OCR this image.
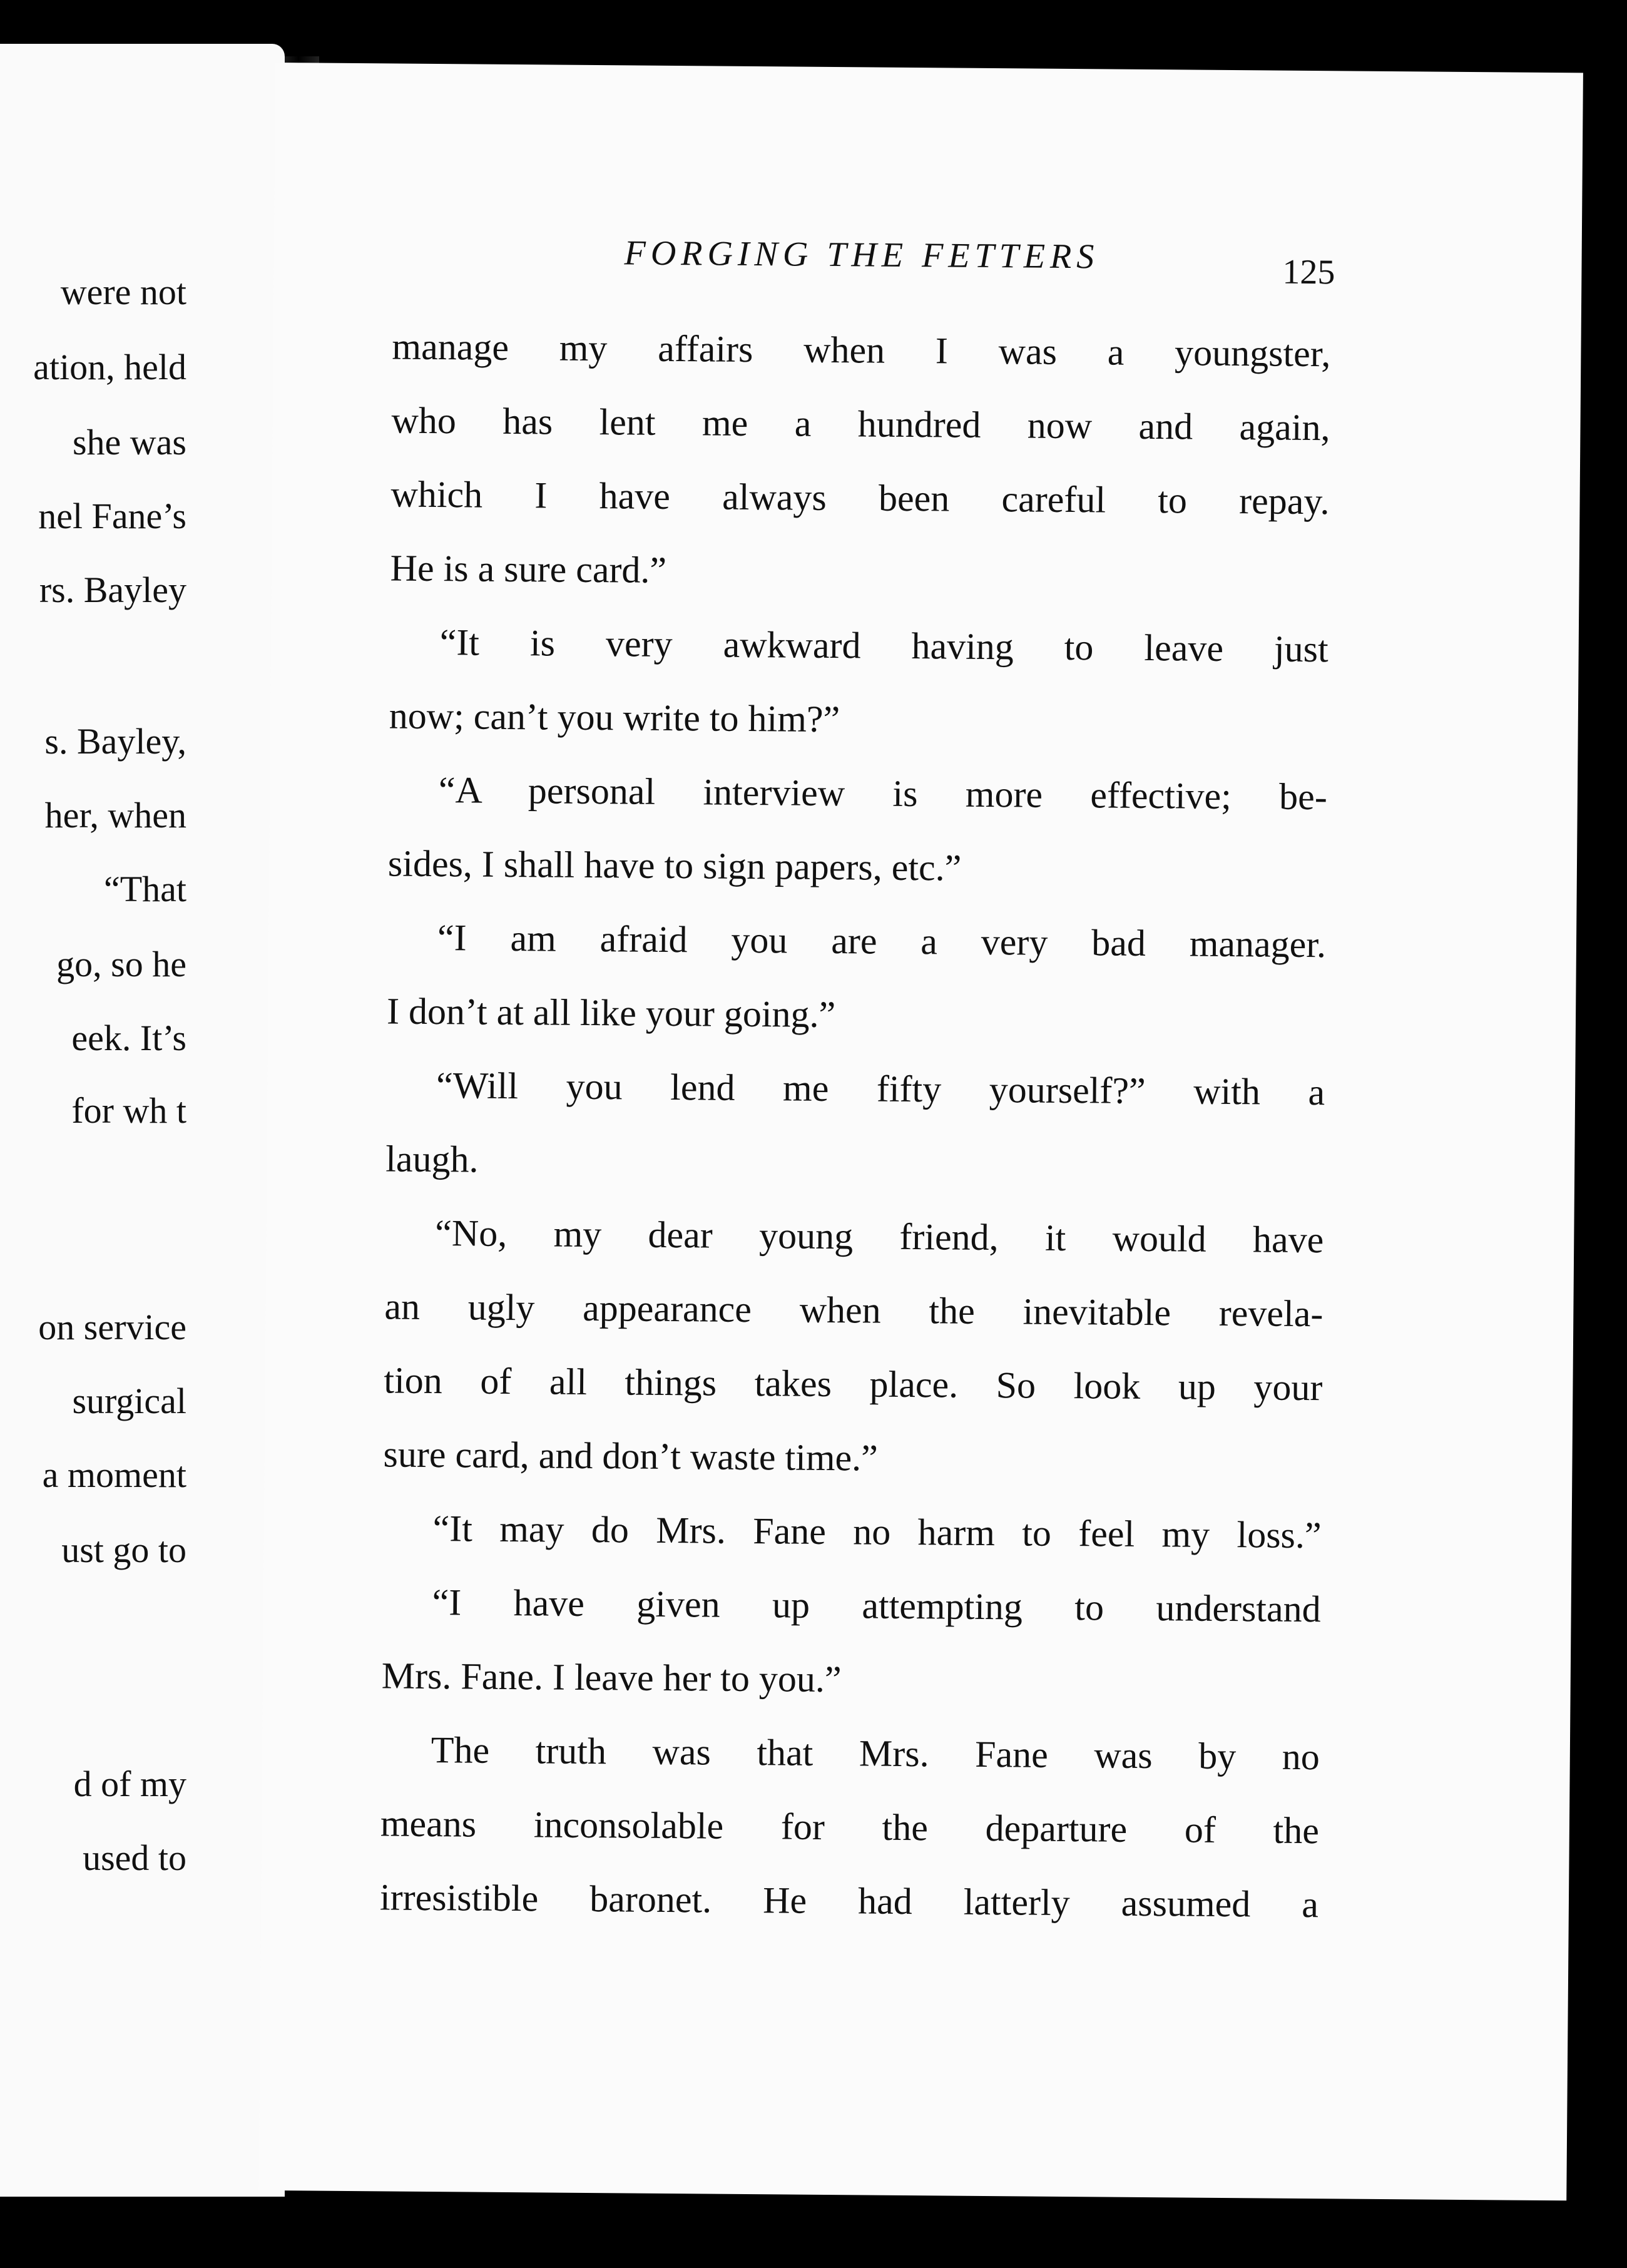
were not
ation, held
she was
nel Fane’s
rs. Bayley
s. Bayley,
her, when
“That
go, so he
eek. It’s
for wh t
on service
surgical
a moment
ust go to
d of my
used to
FORGING THE FETTERS	125
manage my affairs when I was a youngster,
who has lent me a hundred now and again,
which I have always been careful to repay.
He is a sure card.”
“It is very awkward having to leave just
now; can’t you write to him?”
“A personal interview is more effective; be-
sides, I shall have to sign papers, etc.”
“I am afraid you are a very bad manager.
I don’t at all like your going.”
“Will you lend me fifty yourself?” with a
laugh.
“No, my dear young friend, it would have
an ugly appearance when the inevitable revela-
tion of all things takes place. So look up your
sure card, and don’t waste time.”
“It may do Mrs. Fane no harm to feel my loss.”
“I have given up attempting to understand
Mrs. Fane. I leave her to you.”
The truth was that Mrs. Fane was by no
means inconsolable for the departure of the
irresistible baronet. He had latterly assumed a
